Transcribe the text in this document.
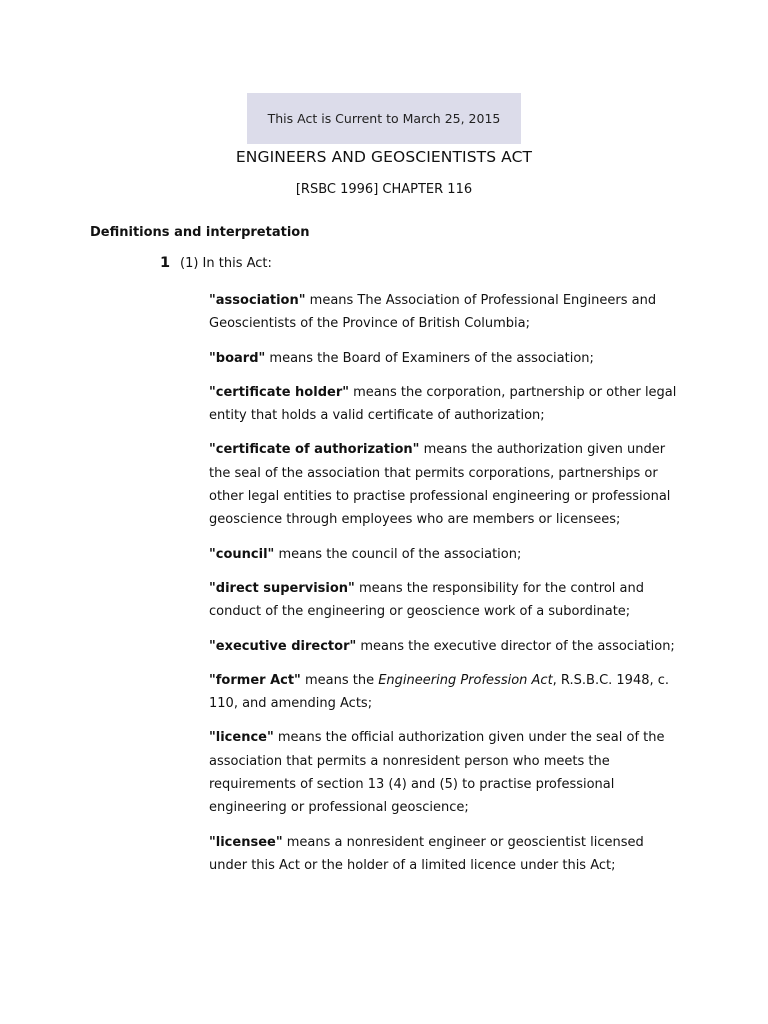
This Act is Current to March 25, 2015
ENGINEERS AND GEOSCIENTISTS ACT
[RSBC 1996] CHAPTER 116
Definitions and interpretation
1 (1) In this Act:
"association" means The Association of Professional Engineers and Geoscientists of the Province of British Columbia;
"board" means the Board of Examiners of the association;
"certificate holder" means the corporation, partnership or other legal entity that holds a valid certificate of authorization;
"certificate of authorization" means the authorization given under the seal of the association that permits corporations, partnerships or other legal entities to practise professional engineering or professional geoscience through employees who are members or licensees;
"council" means the council of the association;
"direct supervision" means the responsibility for the control and conduct of the engineering or geoscience work of a subordinate;
"executive director" means the executive director of the association;
"former Act" means the Engineering Profession Act, R.S.B.C. 1948, c. 110, and amending Acts;
"licence" means the official authorization given under the seal of the association that permits a nonresident person who meets the requirements of section 13 (4) and (5) to practise professional engineering or professional geoscience;
"licensee" means a nonresident engineer or geoscientist licensed under this Act or the holder of a limited licence under this Act;
